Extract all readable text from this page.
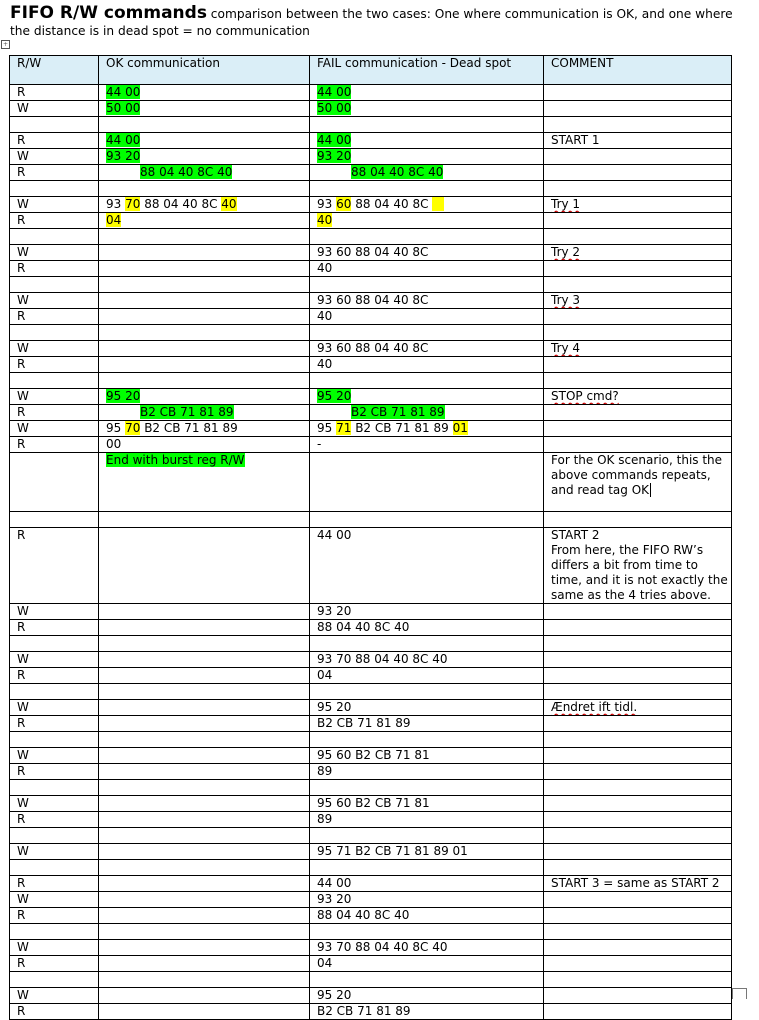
FIFO R/W commands comparison between the two cases: One where communication is OK, and one where the distance is in dead spot = no communication
+
R/W	OK communication	FAIL communication - Dead spot	COMMENT
R	44 00	44 00	
W	50 00	50 00	

R	44 00	44 00	START 1
W	93 20	93 20	
R	88 04 40 8C 40	88 04 40 8C 40	

W	93 70 88 04 40 8C 40	93 60 88 04 40 8C	Try 1
R	04	40	

W		93 60 88 04 40 8C	Try 2
R		40	

W		93 60 88 04 40 8C	Try 3
R		40	

W		93 60 88 04 40 8C	Try 4
R		40	

W	95 20	95 20	STOP cmd?
R	B2 CB 71 81 89	B2 CB 71 81 89	
W	95 70 B2 CB 71 81 89	95 71 B2 CB 71 81 89 01	
R	00	-	
	End with burst reg R/W		For the OK scenario, this the above commands repeats, and read tag OK

R		44 00	START 2
From here, the FIFO RW’s differs a bit from time to time, and it is not exactly the same as the 4 tries above.
W		93 20	
R		88 04 40 8C 40	

W		93 70 88 04 40 8C 40	
R		04	

W		95 20	Ændret ift tidl.
R		B2 CB 71 81 89	

W		95 60 B2 CB 71 81	
R		89	

W		95 60 B2 CB 71 81	
R		89	

W		95 71 B2 CB 71 81 89 01	

R		44 00	START 3 = same as START 2
W		93 20	
R		88 04 40 8C 40	

W		93 70 88 04 40 8C 40	
R		04	

W		95 20	
R		B2 CB 71 81 89	
